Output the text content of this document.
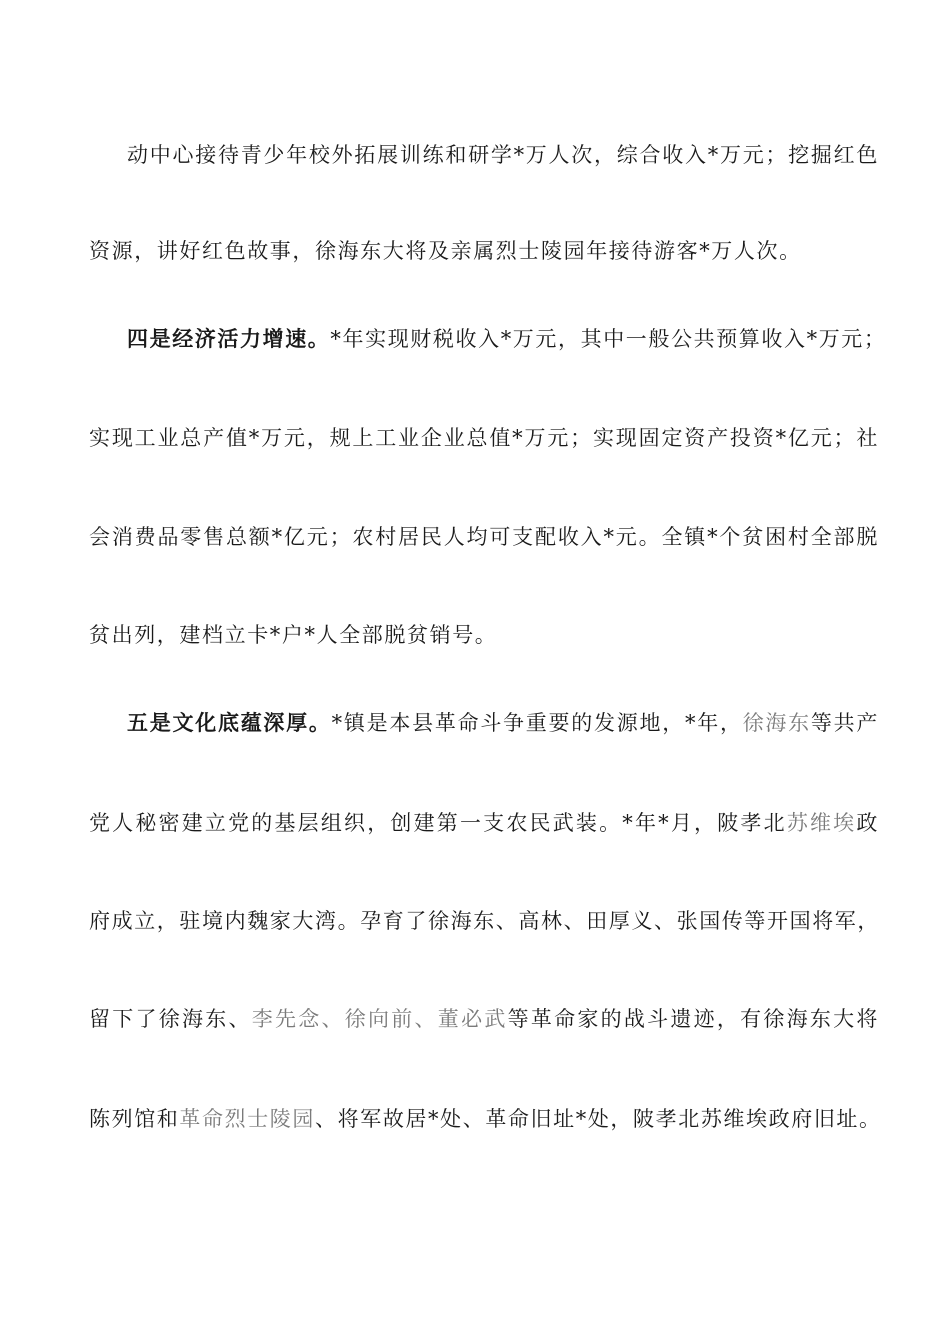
动中心接待青少年校外拓展训练和研学*万人次，综合收入*万元；挖掘红色
资源，讲好红色故事，徐海东大将及亲属烈士陵园年接待游客*万人次。
四是经济活力增速。*年实现财税收入*万元，其中一般公共预算收入*万元；
实现工业总产值*万元，规上工业企业总值*万元；实现固定资产投资*亿元；社
会消费品零售总额*亿元；农村居民人均可支配收入*元。全镇*个贫困村全部脱
贫出列，建档立卡*户*人全部脱贫销号。
五是文化底蕴深厚。*镇是本县革命斗争重要的发源地，*年，徐海东等共产
党人秘密建立党的基层组织，创建第一支农民武装。*年*月，陂孝北苏维埃政
府成立，驻境内魏家大湾。孕育了徐海东、高林、田厚义、张国传等开国将军，
留下了徐海东、李先念、徐向前、董必武等革命家的战斗遗迹，有徐海东大将
陈列馆和革命烈士陵园、将军故居*处、革命旧址*处，陂孝北苏维埃政府旧址。
